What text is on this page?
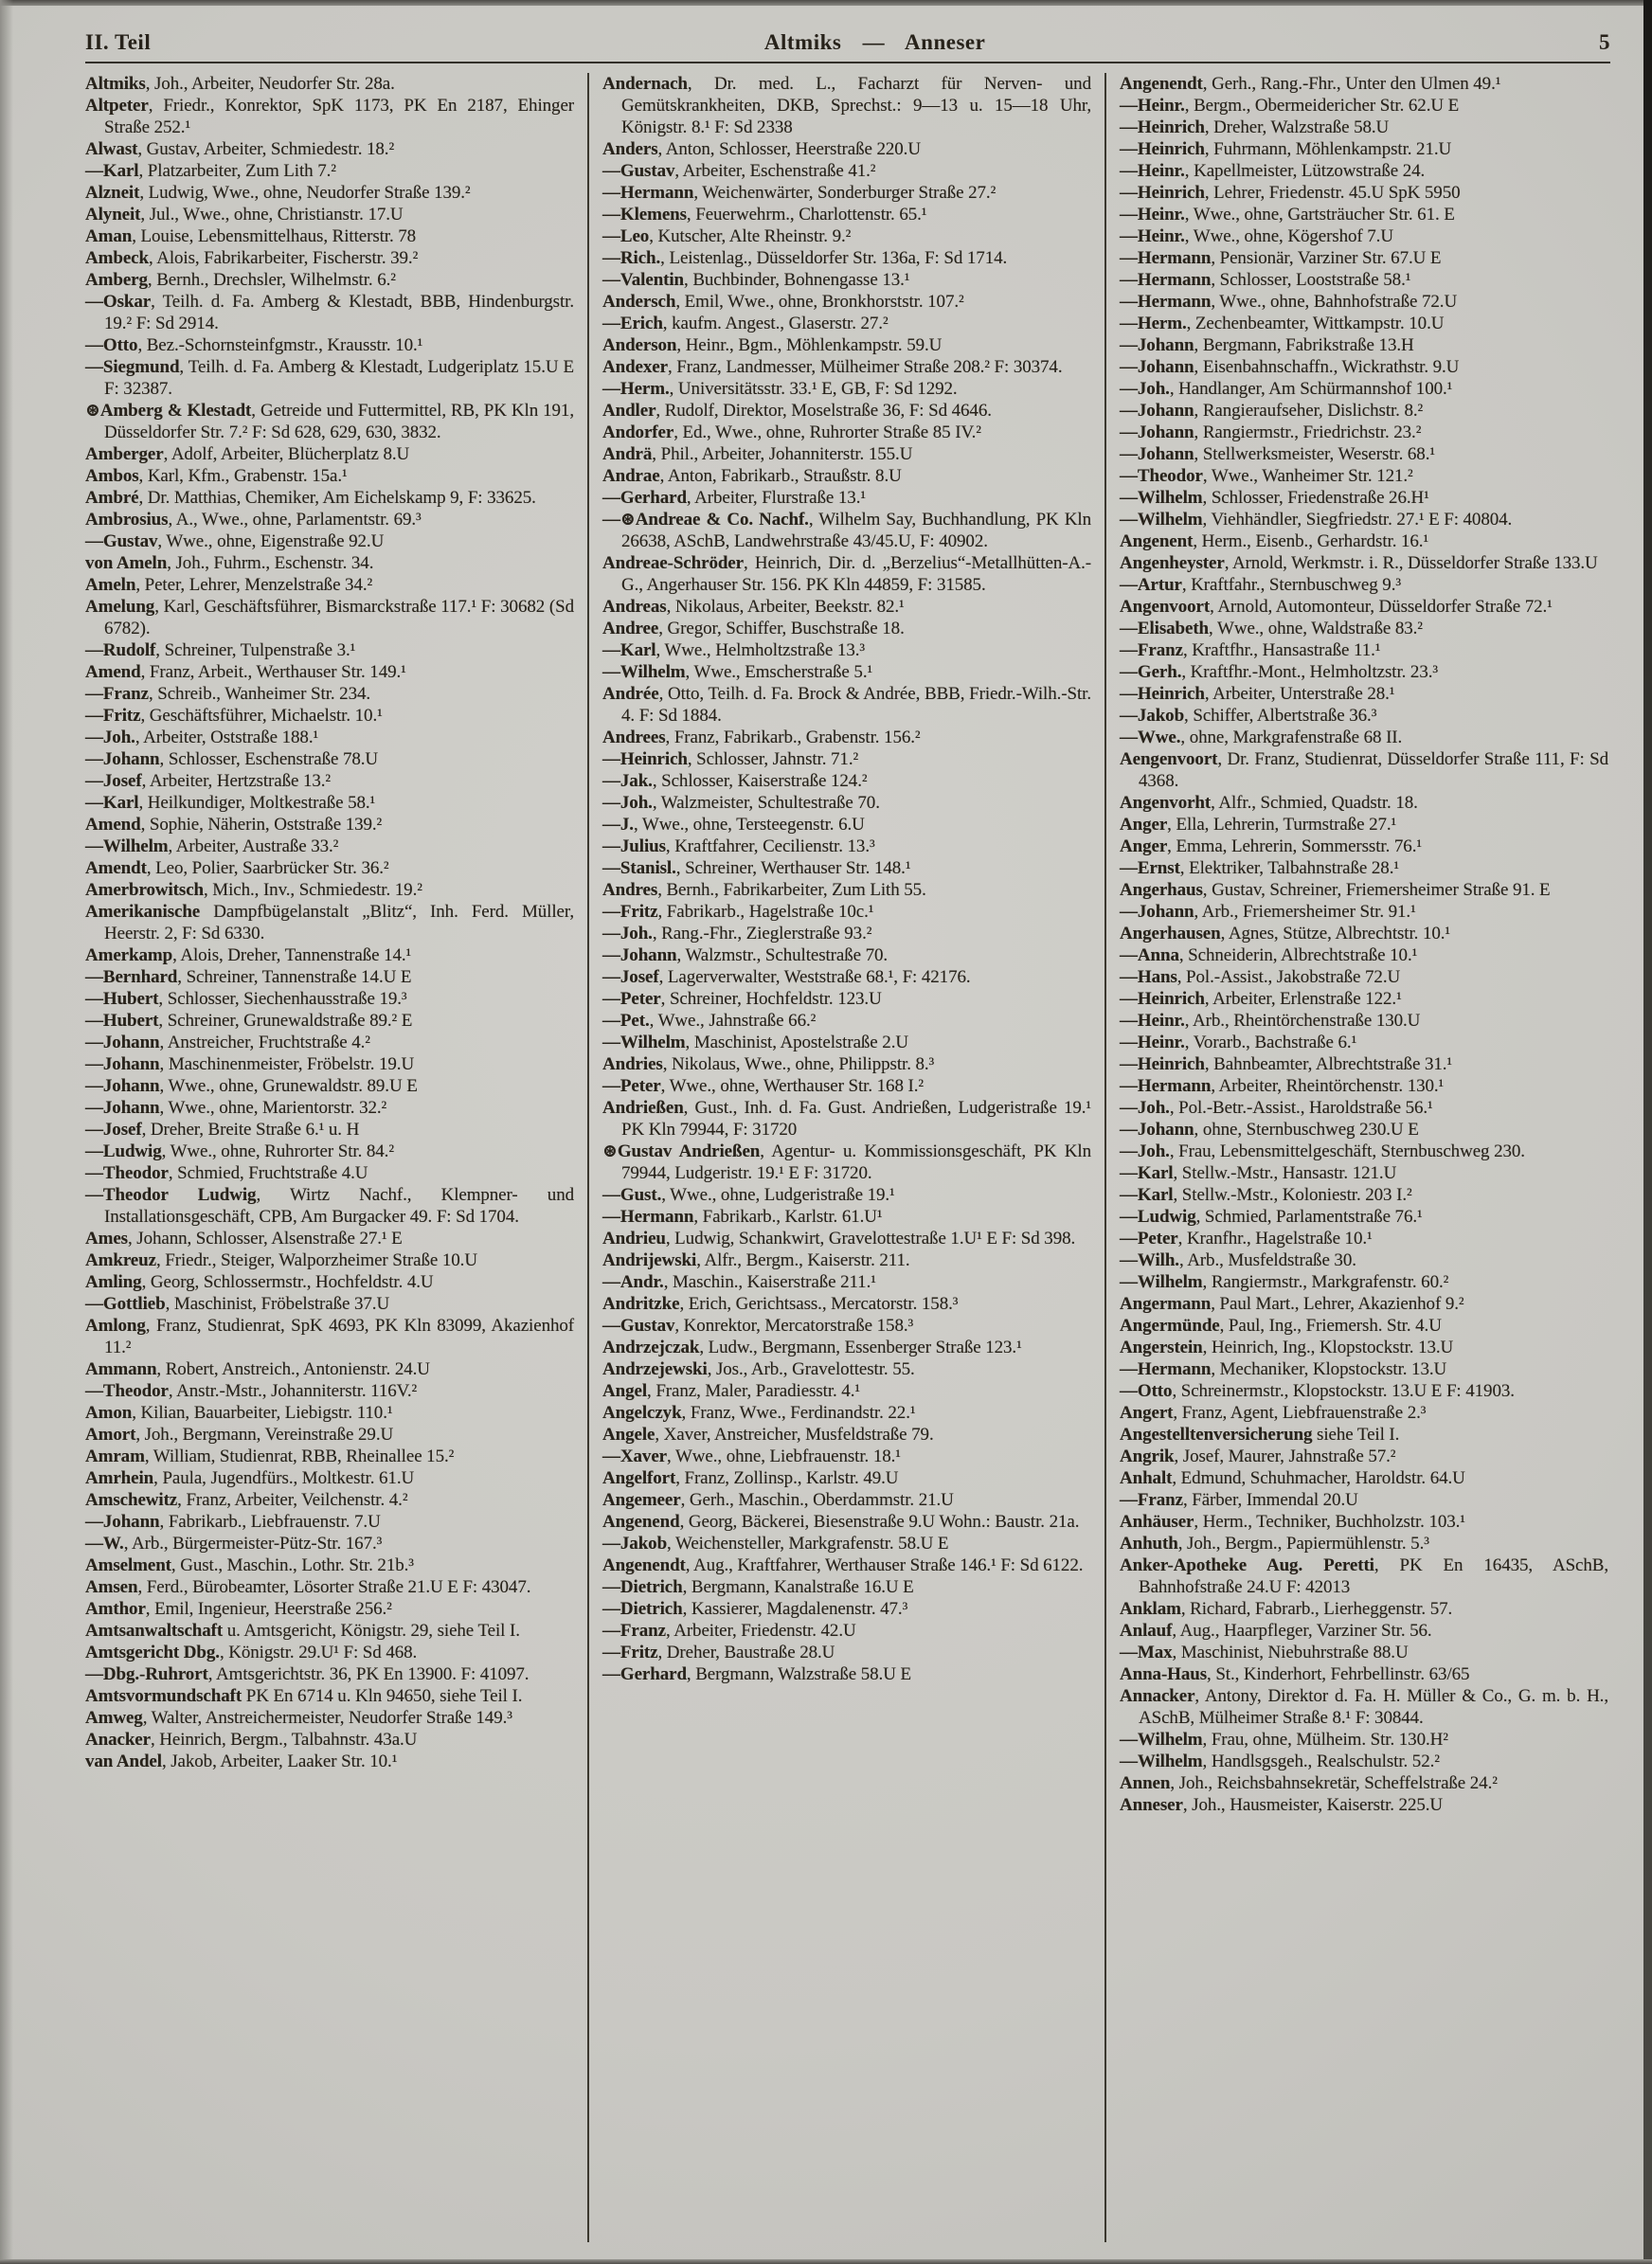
II. Teil	Altmiks — Anneser	5
Altmiks, Joh., Arbeiter, Neudorfer Str. 28a.
Altpeter, Friedr., Konrektor, SpK 1173, PK En 2187, Ehinger Straße 252.¹
Alwast, Gustav, Arbeiter, Schmiedestr. 18.²
—Karl, Platzarbeiter, Zum Lith 7.²
Alzneit, Ludwig, Wwe., ohne, Neudorfer Straße 139.²
Alyneit, Jul., Wwe., ohne, Christianstr. 17.U
Aman, Louise, Lebensmittelhaus, Ritterstr. 78
Ambeck, Alois, Fabrikarbeiter, Fischerstr. 39.²
Amberg, Bernh., Drechsler, Wilhelmstr. 6.²
—Oskar, Teilh. d. Fa. Amberg & Klestadt, BBB, Hindenburgstr. 19.² F: Sd 2914.
—Otto, Bez.-Schornsteinfgmstr., Krausstr. 10.¹
—Siegmund, Teilh. d. Fa. Amberg & Klestadt, Ludgeriplatz 15.U E F: 32387.
⊛Amberg & Klestadt, Getreide und Futtermittel, RB, PK Kln 191, Düsseldorfer Str. 7.² F: Sd 628, 629, 630, 3832.
Amberger, Adolf, Arbeiter, Blücherplatz 8.U
Ambos, Karl, Kfm., Grabenstr. 15a.¹
Ambré, Dr. Matthias, Chemiker, Am Eichelskamp 9, F: 33625.
Ambrosius, A., Wwe., ohne, Parlamentstr. 69.³
—Gustav, Wwe., ohne, Eigenstraße 92.U
von Ameln, Joh., Fuhrm., Eschenstr. 34.
Ameln, Peter, Lehrer, Menzelstraße 34.²
Amelung, Karl, Geschäftsführer, Bismarckstraße 117.¹ F: 30682 (Sd 6782).
—Rudolf, Schreiner, Tulpenstraße 3.¹
Amend, Franz, Arbeit., Werthauser Str. 149.¹
—Franz, Schreib., Wanheimer Str. 234.
—Fritz, Geschäftsführer, Michaelstr. 10.¹
—Joh., Arbeiter, Oststraße 188.¹
—Johann, Schlosser, Eschenstraße 78.U
—Josef, Arbeiter, Hertzstraße 13.²
—Karl, Heilkundiger, Moltkestraße 58.¹
Amend, Sophie, Näherin, Oststraße 139.²
—Wilhelm, Arbeiter, Austraße 33.²
Amendt, Leo, Polier, Saarbrücker Str. 36.²
Amerbrowitsch, Mich., Inv., Schmiedestr. 19.²
Amerikanische Dampfbügelanstalt „Blitz“, Inh. Ferd. Müller, Heerstr. 2, F: Sd 6330.
Amerkamp, Alois, Dreher, Tannenstraße 14.¹
—Bernhard, Schreiner, Tannenstraße 14.U E
—Hubert, Schlosser, Siechenhausstraße 19.³
—Hubert, Schreiner, Grunewaldstraße 89.² E
—Johann, Anstreicher, Fruchtstraße 4.²
—Johann, Maschinenmeister, Fröbelstr. 19.U
—Johann, Wwe., ohne, Grunewaldstr. 89.U E
—Johann, Wwe., ohne, Marientorstr. 32.²
—Josef, Dreher, Breite Straße 6.¹ u. H
—Ludwig, Wwe., ohne, Ruhrorter Str. 84.²
—Theodor, Schmied, Fruchtstraße 4.U
—Theodor Ludwig, Wirtz Nachf., Klempner- und Installationsgeschäft, CPB, Am Burgacker 49. F: Sd 1704.
Ames, Johann, Schlosser, Alsenstraße 27.¹ E
Amkreuz, Friedr., Steiger, Walporzheimer Straße 10.U
Amling, Georg, Schlossermstr., Hochfeldstr. 4.U
—Gottlieb, Maschinist, Fröbelstraße 37.U
Amlong, Franz, Studienrat, SpK 4693, PK Kln 83099, Akazienhof 11.²
Ammann, Robert, Anstreich., Antonienstr. 24.U
—Theodor, Anstr.-Mstr., Johanniterstr. 116V.²
Amon, Kilian, Bauarbeiter, Liebigstr. 110.¹
Amort, Joh., Bergmann, Vereinstraße 29.U
Amram, William, Studienrat, RBB, Rheinallee 15.²
Amrhein, Paula, Jugendfürs., Moltkestr. 61.U
Amschewitz, Franz, Arbeiter, Veilchenstr. 4.²
—Johann, Fabrikarb., Liebfrauenstr. 7.U
—W., Arb., Bürgermeister-Pütz-Str. 167.³
Amselment, Gust., Maschin., Lothr. Str. 21b.³
Amsen, Ferd., Bürobeamter, Lösorter Straße 21.U E F: 43047.
Amthor, Emil, Ingenieur, Heerstraße 256.²
Amtsanwaltschaft u. Amtsgericht, Königstr. 29, siehe Teil I.
Amtsgericht Dbg., Königstr. 29.U¹ F: Sd 468.
—Dbg.-Ruhrort, Amtsgerichtstr. 36, PK En 13900. F: 41097.
Amtsvormundschaft PK En 6714 u. Kln 94650, siehe Teil I.
Amweg, Walter, Anstreichermeister, Neudorfer Straße 149.³
Anacker, Heinrich, Bergm., Talbahnstr. 43a.U
van Andel, Jakob, Arbeiter, Laaker Str. 10.¹
Andernach, Dr. med. L., Facharzt für Nerven- und Gemütskrankheiten, DKB, Sprechst.: 9—13 u. 15—18 Uhr, Königstr. 8.¹ F: Sd 2338
Anders, Anton, Schlosser, Heerstraße 220.U
—Gustav, Arbeiter, Eschenstraße 41.²
—Hermann, Weichenwärter, Sonderburger Straße 27.²
—Klemens, Feuerwehrm., Charlottenstr. 65.¹
—Leo, Kutscher, Alte Rheinstr. 9.²
—Rich., Leistenlag., Düsseldorfer Str. 136a, F: Sd 1714.
—Valentin, Buchbinder, Bohnengasse 13.¹
Andersch, Emil, Wwe., ohne, Bronkhorststr. 107.²
—Erich, kaufm. Angest., Glaserstr. 27.²
Anderson, Heinr., Bgm., Möhlenkampstr. 59.U
Andexer, Franz, Landmesser, Mülheimer Straße 208.² F: 30374.
—Herm., Universitätsstr. 33.¹ E, GB, F: Sd 1292.
Andler, Rudolf, Direktor, Moselstraße 36, F: Sd 4646.
Andorfer, Ed., Wwe., ohne, Ruhrorter Straße 85 IV.²
Andrä, Phil., Arbeiter, Johanniterstr. 155.U
Andrae, Anton, Fabrikarb., Straußstr. 8.U
—Gerhard, Arbeiter, Flurstraße 13.¹
—⊛Andreae & Co. Nachf., Wilhelm Say, Buchhandlung, PK Kln 26638, ASchB, Landwehrstraße 43/45.U, F: 40902.
Andreae-Schröder, Heinrich, Dir. d. „Berzelius“-Metallhütten-A.-G., Angerhauser Str. 156. PK Kln 44859, F: 31585.
Andreas, Nikolaus, Arbeiter, Beekstr. 82.¹
Andree, Gregor, Schiffer, Buschstraße 18.
—Karl, Wwe., Helmholtzstraße 13.³
—Wilhelm, Wwe., Emscherstraße 5.¹
Andrée, Otto, Teilh. d. Fa. Brock & Andrée, BBB, Friedr.-Wilh.-Str. 4. F: Sd 1884.
Andrees, Franz, Fabrikarb., Grabenstr. 156.²
—Heinrich, Schlosser, Jahnstr. 71.²
—Jak., Schlosser, Kaiserstraße 124.²
—Joh., Walzmeister, Schultestraße 70.
—J., Wwe., ohne, Tersteegenstr. 6.U
—Julius, Kraftfahrer, Cecilienstr. 13.³
—Stanisl., Schreiner, Werthauser Str. 148.¹
Andres, Bernh., Fabrikarbeiter, Zum Lith 55.
—Fritz, Fabrikarb., Hagelstraße 10c.¹
—Joh., Rang.-Fhr., Zieglerstraße 93.²
—Johann, Walzmstr., Schultestraße 70.
—Josef, Lagerverwalter, Weststraße 68.¹, F: 42176.
—Peter, Schreiner, Hochfeldstr. 123.U
—Pet., Wwe., Jahnstraße 66.²
—Wilhelm, Maschinist, Apostelstraße 2.U
Andries, Nikolaus, Wwe., ohne, Philippstr. 8.³
—Peter, Wwe., ohne, Werthauser Str. 168 I.²
Andrießen, Gust., Inh. d. Fa. Gust. Andrießen, Ludgeristraße 19.¹ PK Kln 79944, F: 31720
⊛Gustav Andrießen, Agentur- u. Kommissionsgeschäft, PK Kln 79944, Ludgeristr. 19.¹ E F: 31720.
—Gust., Wwe., ohne, Ludgeristraße 19.¹
—Hermann, Fabrikarb., Karlstr. 61.U¹
Andrieu, Ludwig, Schankwirt, Gravelottestraße 1.U¹ E F: Sd 398.
Andrijewski, Alfr., Bergm., Kaiserstr. 211.
—Andr., Maschin., Kaiserstraße 211.¹
Andritzke, Erich, Gerichtsass., Mercatorstr. 158.³
—Gustav, Konrektor, Mercatorstraße 158.³
Andrzejczak, Ludw., Bergmann, Essenberger Straße 123.¹
Andrzejewski, Jos., Arb., Gravelottestr. 55.
Angel, Franz, Maler, Paradiesstr. 4.¹
Angelczyk, Franz, Wwe., Ferdinandstr. 22.¹
Angele, Xaver, Anstreicher, Musfeldstraße 79.
—Xaver, Wwe., ohne, Liebfrauenstr. 18.¹
Angelfort, Franz, Zollinsp., Karlstr. 49.U
Angemeer, Gerh., Maschin., Oberdammstr. 21.U
Angenend, Georg, Bäckerei, Biesenstraße 9.U Wohn.: Baustr. 21a.
—Jakob, Weichensteller, Markgrafenstr. 58.U E
Angenendt, Aug., Kraftfahrer, Werthauser Straße 146.¹ F: Sd 6122.
—Dietrich, Bergmann, Kanalstraße 16.U E
—Dietrich, Kassierer, Magdalenenstr. 47.³
—Franz, Arbeiter, Friedenstr. 42.U
—Fritz, Dreher, Baustraße 28.U
—Gerhard, Bergmann, Walzstraße 58.U E
Angenendt, Gerh., Rang.-Fhr., Unter den Ulmen 49.¹
—Heinr., Bergm., Obermeidericher Str. 62.U E
—Heinrich, Dreher, Walzstraße 58.U
—Heinrich, Fuhrmann, Möhlenkampstr. 21.U
—Heinr., Kapellmeister, Lützowstraße 24.
—Heinrich, Lehrer, Friedenstr. 45.U SpK 5950
—Heinr., Wwe., ohne, Gartsträucher Str. 61. E
—Heinr., Wwe., ohne, Kögershof 7.U
—Hermann, Pensionär, Varziner Str. 67.U E
—Hermann, Schlosser, Looststraße 58.¹
—Hermann, Wwe., ohne, Bahnhofstraße 72.U
—Herm., Zechenbeamter, Wittkampstr. 10.U
—Johann, Bergmann, Fabrikstraße 13.H
—Johann, Eisenbahnschaffn., Wickrathstr. 9.U
—Joh., Handlanger, Am Schürmannshof 100.¹
—Johann, Rangieraufseher, Dislichstr. 8.²
—Johann, Rangiermstr., Friedrichstr. 23.²
—Johann, Stellwerksmeister, Weserstr. 68.¹
—Theodor, Wwe., Wanheimer Str. 121.²
—Wilhelm, Schlosser, Friedenstraße 26.H¹
—Wilhelm, Viehhändler, Siegfriedstr. 27.¹ E F: 40804.
Angenent, Herm., Eisenb., Gerhardstr. 16.¹
Angenheyster, Arnold, Werkmstr. i. R., Düsseldorfer Straße 133.U
—Artur, Kraftfahr., Sternbuschweg 9.³
Angenvoort, Arnold, Automonteur, Düsseldorfer Straße 72.¹
—Elisabeth, Wwe., ohne, Waldstraße 83.²
—Franz, Kraftfhr., Hansastraße 11.¹
—Gerh., Kraftfhr.-Mont., Helmholtzstr. 23.³
—Heinrich, Arbeiter, Unterstraße 28.¹
—Jakob, Schiffer, Albertstraße 36.³
—Wwe., ohne, Markgrafenstraße 68 II.
Aengenvoort, Dr. Franz, Studienrat, Düsseldorfer Straße 111, F: Sd 4368.
Angenvorht, Alfr., Schmied, Quadstr. 18.
Anger, Ella, Lehrerin, Turmstraße 27.¹
Anger, Emma, Lehrerin, Sommersstr. 76.¹
—Ernst, Elektriker, Talbahnstraße 28.¹
Angerhaus, Gustav, Schreiner, Friemersheimer Straße 91. E
—Johann, Arb., Friemersheimer Str. 91.¹
Angerhausen, Agnes, Stütze, Albrechtstr. 10.¹
—Anna, Schneiderin, Albrechtstraße 10.¹
—Hans, Pol.-Assist., Jakobstraße 72.U
—Heinrich, Arbeiter, Erlenstraße 122.¹
—Heinr., Arb., Rheintörchenstraße 130.U
—Heinr., Vorarb., Bachstraße 6.¹
—Heinrich, Bahnbeamter, Albrechtstraße 31.¹
—Hermann, Arbeiter, Rheintörchenstr. 130.¹
—Joh., Pol.-Betr.-Assist., Haroldstraße 56.¹
—Johann, ohne, Sternbuschweg 230.U E
—Joh., Frau, Lebensmittelgeschäft, Sternbuschweg 230.
—Karl, Stellw.-Mstr., Hansastr. 121.U
—Karl, Stellw.-Mstr., Koloniestr. 203 I.²
—Ludwig, Schmied, Parlamentstraße 76.¹
—Peter, Kranfhr., Hagelstraße 10.¹
—Wilh., Arb., Musfeldstraße 30.
—Wilhelm, Rangiermstr., Markgrafenstr. 60.²
Angermann, Paul Mart., Lehrer, Akazienhof 9.²
Angermünde, Paul, Ing., Friemersh. Str. 4.U
Angerstein, Heinrich, Ing., Klopstockstr. 13.U
—Hermann, Mechaniker, Klopstockstr. 13.U
—Otto, Schreinermstr., Klopstockstr. 13.U E F: 41903.
Angert, Franz, Agent, Liebfrauenstraße 2.³
Angestelltenversicherung siehe Teil I.
Angrik, Josef, Maurer, Jahnstraße 57.²
Anhalt, Edmund, Schuhmacher, Haroldstr. 64.U
—Franz, Färber, Immendal 20.U
Anhäuser, Herm., Techniker, Buchholzstr. 103.¹
Anhuth, Joh., Bergm., Papiermühlenstr. 5.³
Anker-Apotheke Aug. Peretti, PK En 16435, ASchB, Bahnhofstraße 24.U F: 42013
Anklam, Richard, Fabrarb., Lierheggenstr. 57.
Anlauf, Aug., Haarpfleger, Varziner Str. 56.
—Max, Maschinist, Niebuhrstraße 88.U
Anna-Haus, St., Kinderhort, Fehrbellinstr. 63/65
Annacker, Antony, Direktor d. Fa. H. Müller & Co., G. m. b. H., ASchB, Mülheimer Straße 8.¹ F: 30844.
—Wilhelm, Frau, ohne, Mülheim. Str. 130.H²
—Wilhelm, Handlsgsgeh., Realschulstr. 52.²
Annen, Joh., Reichsbahnsekretär, Scheffelstraße 24.²
Anneser, Joh., Hausmeister, Kaiserstr. 225.U
